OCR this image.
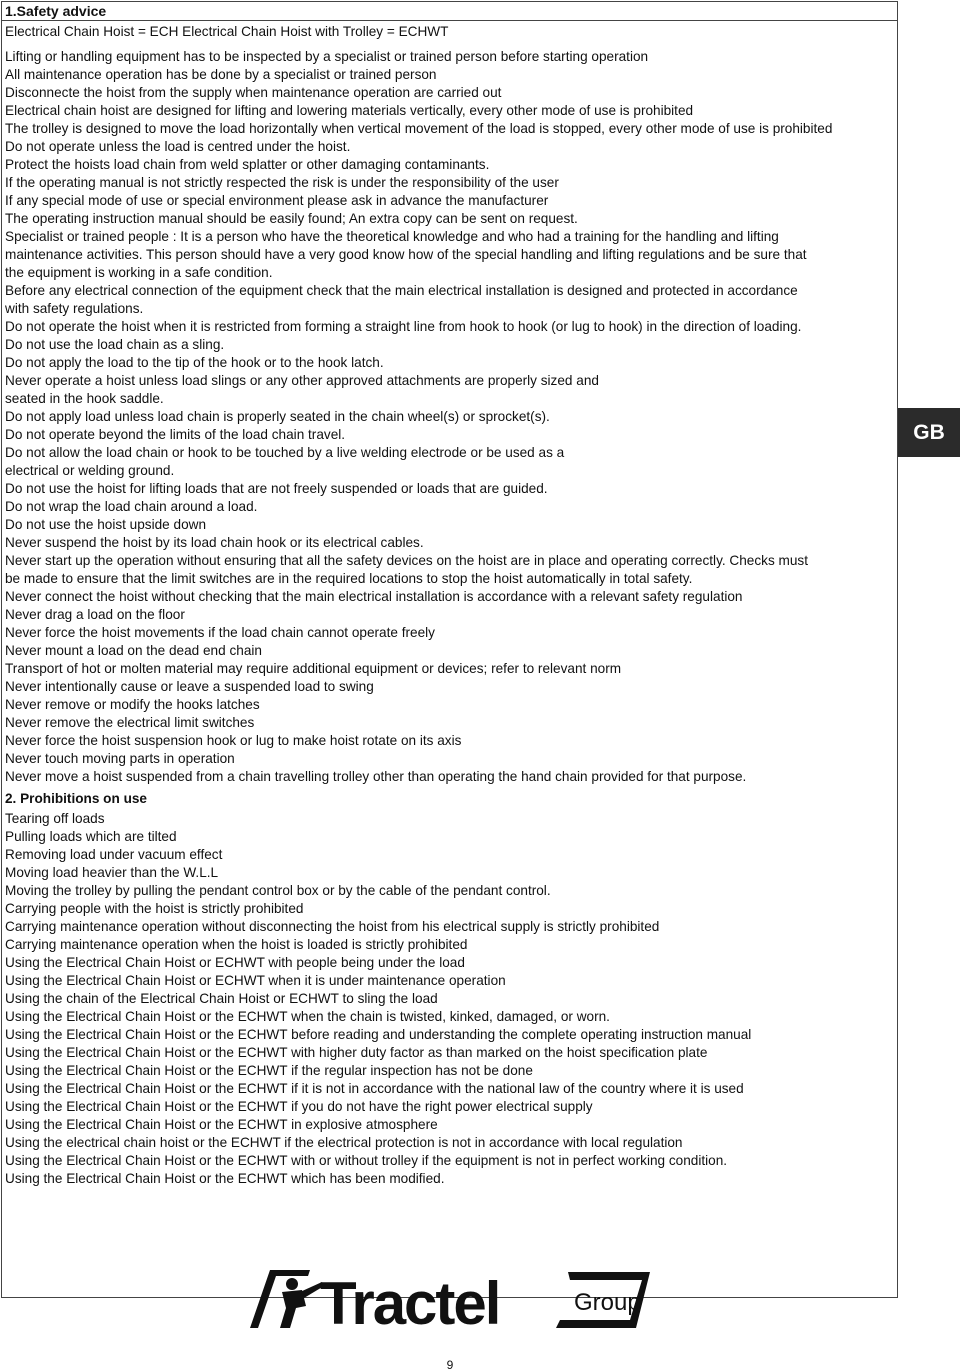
1.Safety advice
Electrical Chain Hoist = ECH Electrical Chain Hoist with Trolley = ECHWT
Lifting or handling equipment has to be inspected by a specialist or trained person before starting operation
All maintenance operation has be done by a specialist or trained person
Disconnecte the hoist from the supply when maintenance operation are carried out
Electrical chain hoist are designed for lifting and lowering materials vertically, every other mode of use is prohibited
The trolley is designed to move the load horizontally when vertical movement of the load is stopped, every other mode of use is prohibited
Do not operate unless the load is centred under the hoist.
Protect the hoists load chain from weld splatter or other damaging contaminants.
If the operating manual is not strictly respected the risk is under the responsibility of the user
If any special mode of use or special environment please ask in advance the manufacturer
The operating instruction manual should be easily found; An extra copy can be sent on request.
Specialist or trained people : It is a person who have the theoretical knowledge and who had a training for the handling and lifting
maintenance activities. This person should have a very good know how of the special handling and lifting regulations and be sure that
the equipment is working in a safe condition.
Before any electrical connection of the equipment check that the main electrical installation is designed and protected in accordance
with safety regulations.
Do not operate the hoist when it is restricted from forming a straight line from hook to hook (or lug to hook) in the direction of loading.
Do not use the load chain as a sling.
Do not apply the load to the tip of the hook or to the hook latch.
Never operate a hoist unless load slings or any other approved attachments are properly sized and
seated in the hook saddle.
Do not apply load unless load chain is properly seated in the chain wheel(s) or sprocket(s).
Do not operate beyond the limits of the load chain travel.
Do not allow the load chain or hook to be touched by a live welding electrode or be used as a
electrical or welding ground.
Do not use the hoist for lifting loads that are not freely suspended or loads that are guided.
Do not wrap the load chain around a load.
Do not use the hoist upside down
Never suspend the hoist by its load chain hook or its electrical cables.
Never start up the operation without ensuring that all the safety devices on the hoist are in place and operating correctly. Checks must
be made to ensure that the limit switches are in the required locations to stop the hoist automatically in total safety.
Never connect the hoist without checking that the main electrical installation is accordance with a relevant safety regulation
Never drag a load on the floor
Never force the hoist movements if the load chain cannot operate freely
Never mount a load on the dead end chain
Transport of hot or molten material may require additional equipment or devices; refer to relevant norm
Never intentionally cause or leave a suspended load to swing
Never remove or modify the hooks latches
Never remove the electrical limit switches
Never force the hoist suspension hook or lug to make hoist rotate on its axis
Never touch moving parts in operation
Never move a hoist suspended from a chain travelling trolley other than operating the hand chain provided for that purpose.
2. Prohibitions on use
Tearing off loads
Pulling loads which are tilted
Removing load under vacuum effect
Moving load heavier than the W.L.L
Moving the trolley by pulling the pendant control box or by the cable of the pendant control.
Carrying people with the hoist is strictly prohibited
Carrying maintenance operation without disconnecting the hoist from his electrical supply is strictly prohibited
Carrying maintenance operation when the hoist is loaded is strictly prohibited
Using the Electrical Chain Hoist or ECHWT with people being under the load
Using the Electrical Chain Hoist or ECHWT when it is under maintenance operation
Using the chain of the Electrical Chain Hoist or ECHWT to sling the load
Using the Electrical Chain Hoist or the ECHWT when the chain is twisted, kinked, damaged, or worn.
Using the Electrical Chain Hoist or the ECHWT before reading and understanding the complete operating instruction manual
Using the Electrical Chain Hoist or the ECHWT with higher duty factor as than marked on the hoist specification plate
Using the Electrical Chain Hoist or the ECHWT if the regular inspection has not be done
Using the Electrical Chain Hoist or the ECHWT if it is not in accordance with the national law of the country where it is used
Using the Electrical Chain Hoist or the ECHWT if you do not have the right power electrical supply
Using the Electrical Chain Hoist or the ECHWT in explosive atmosphere
Using the electrical chain hoist or the ECHWT if the electrical protection is not in accordance with local regulation
Using the Electrical Chain Hoist or the ECHWT with or without trolley if the equipment is not in perfect working condition.
Using the Electrical Chain Hoist or the ECHWT which has been modified.
GB
Tractel	Group
9
